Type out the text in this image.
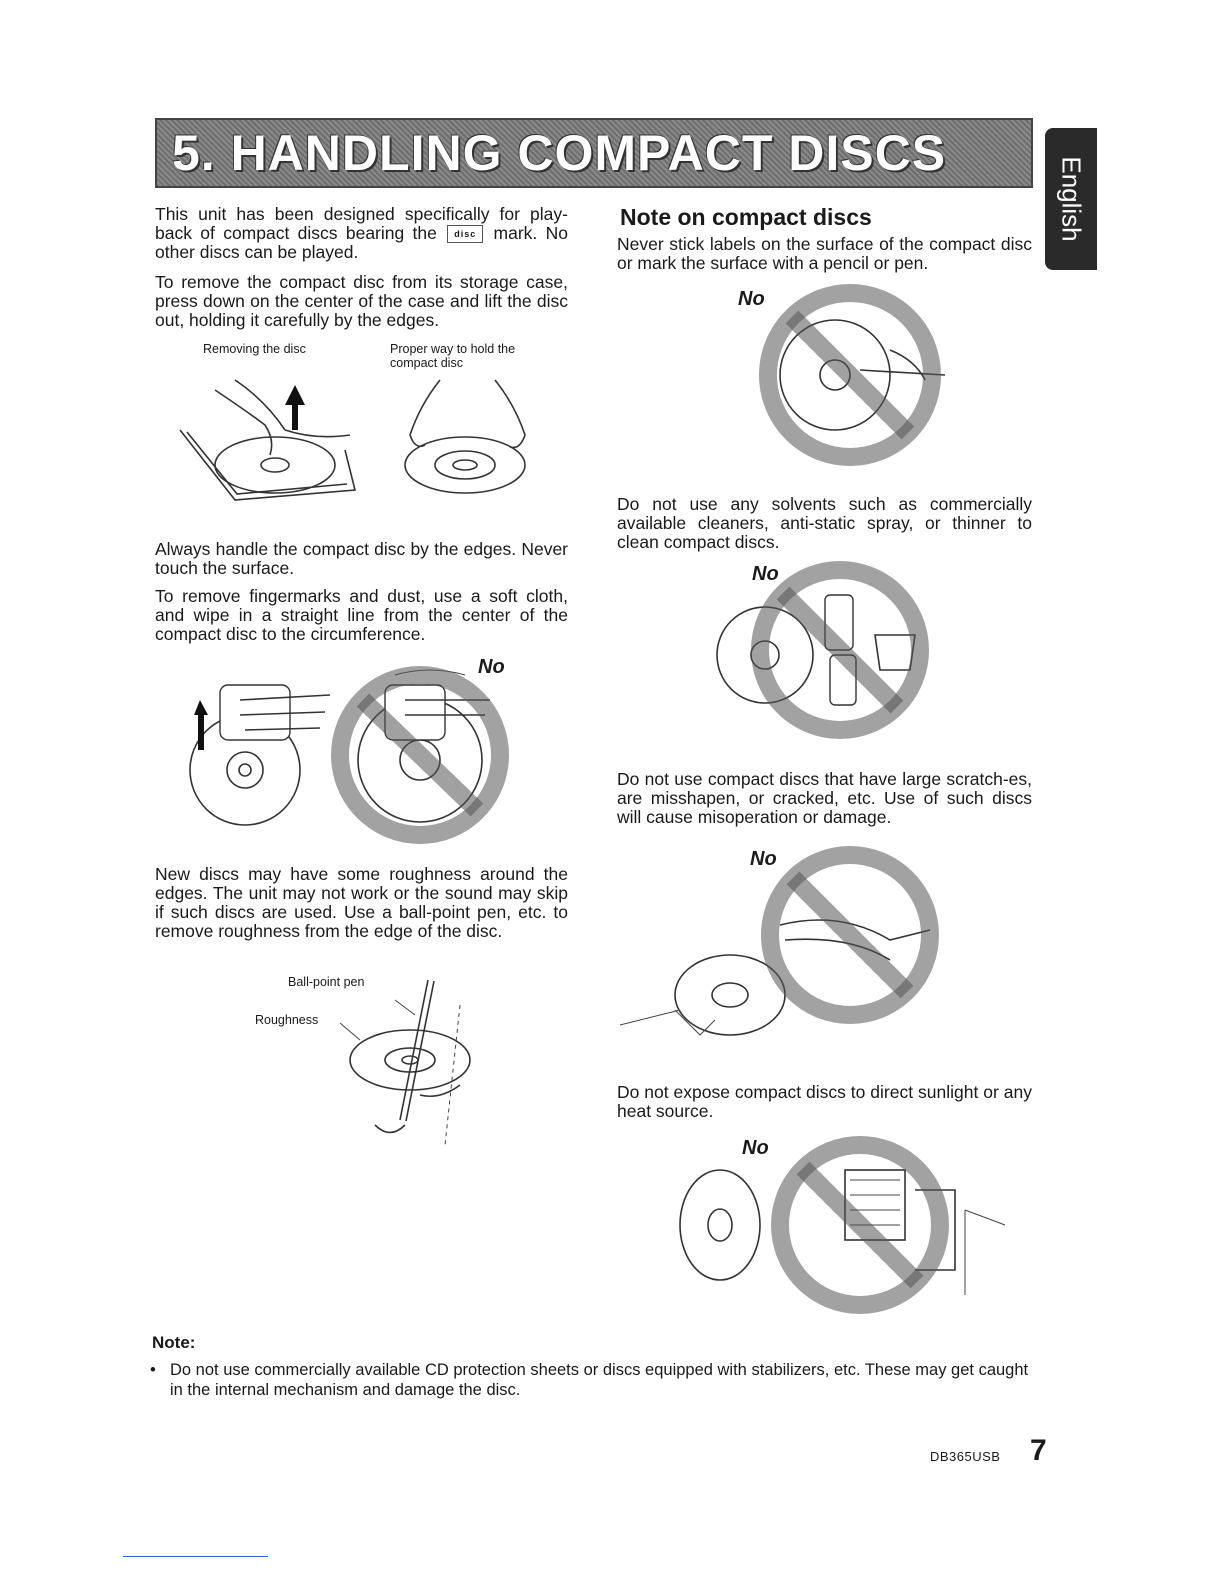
5. HANDLING COMPACT DISCS
English
This unit has been designed specifically for play-back of compact discs bearing the disc mark. No other discs can be played.
To remove the compact disc from its storage case, press down on the center of the case and lift the disc out, holding it carefully by the edges.
Removing the disc	Proper way to hold the compact disc
Always handle the compact disc by the edges. Never touch the surface.
To remove fingermarks and dust, use a soft cloth, and wipe in a straight line from the center of the compact disc to the circumference.
No
New discs may have some roughness around the edges. The unit may not work or the sound may skip if such discs are used. Use a ball-point pen, etc. to remove roughness from the edge of the disc.
Ball-point pen
Roughness
Note on compact discs
Never stick labels on the surface of the compact disc or mark the surface with a pencil or pen.
No
Do not use any solvents such as commercially available cleaners, anti-static spray, or thinner to clean compact discs.
No
Do not use compact discs that have large scratch-es, are misshapen, or cracked, etc. Use of such discs will cause misoperation or damage.
No
Do not expose compact discs to direct sunlight or any heat source.
No
Note:
• Do not use commercially available CD protection sheets or discs equipped with stabilizers, etc. These may get caught in the internal mechanism and damage the disc.
DB365USB 7
